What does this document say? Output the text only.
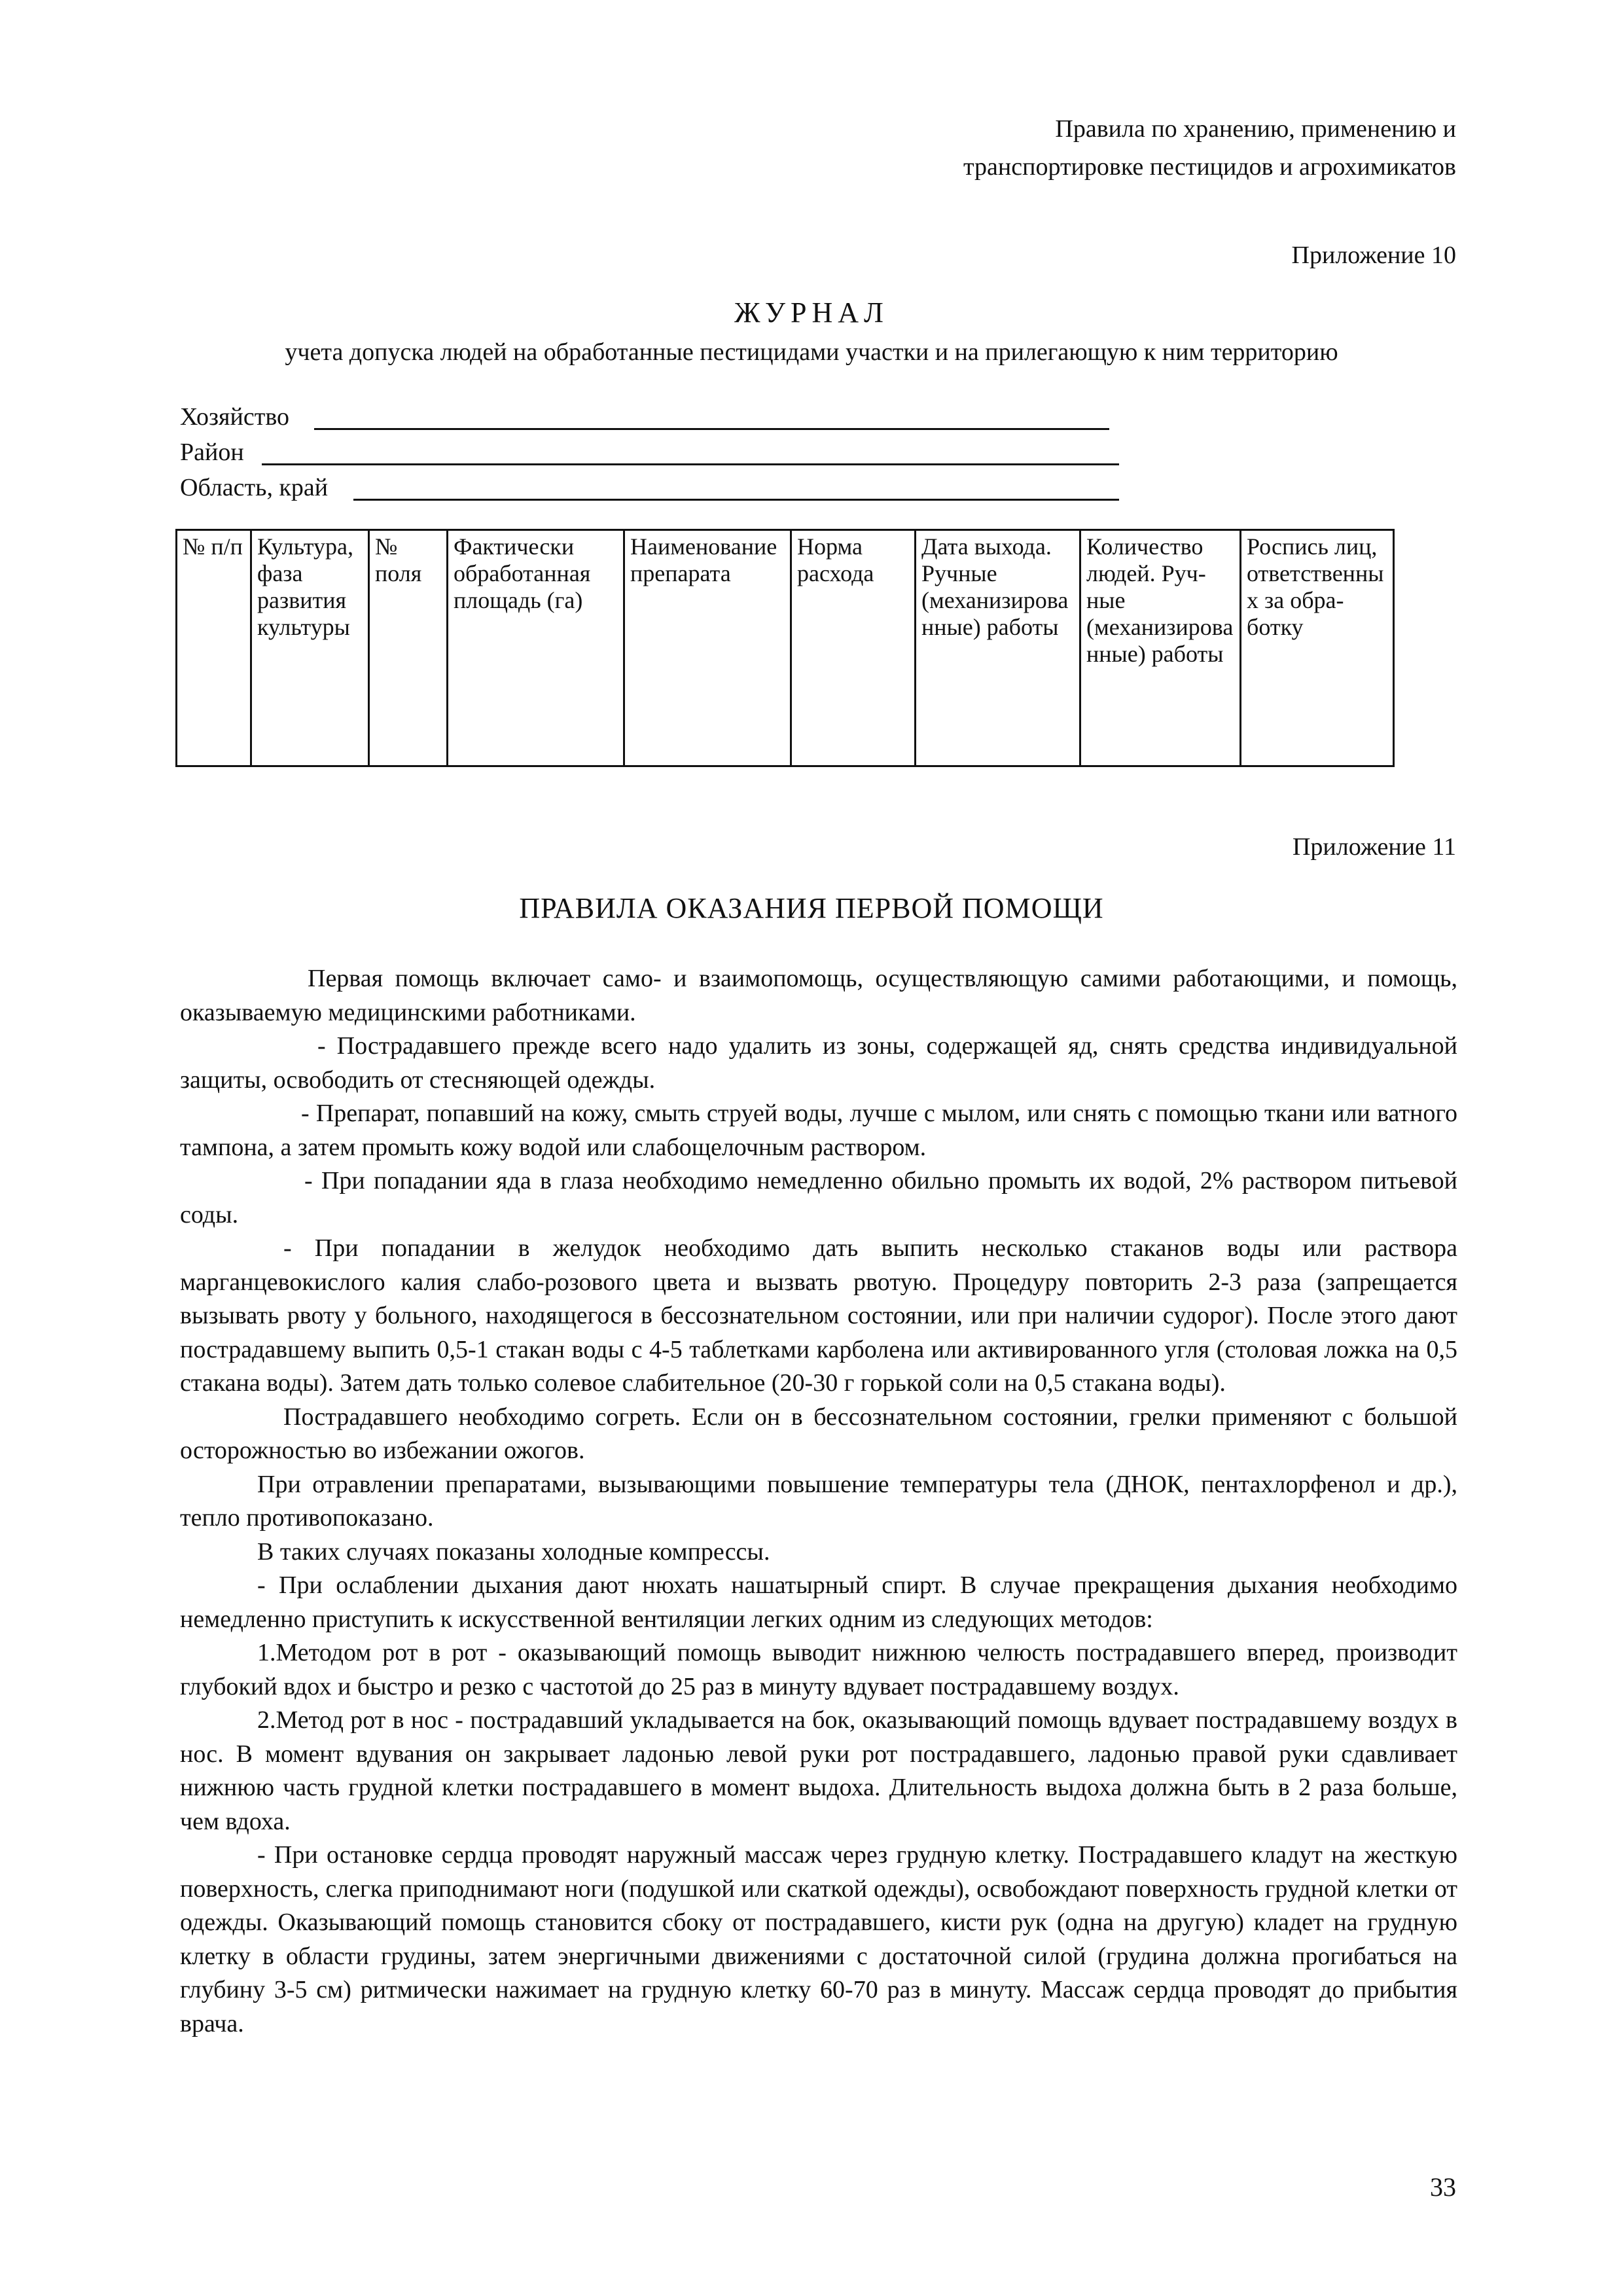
Правила по хранению, применению и
транспортировке пестицидов и агрохимикатов
Приложение 10
ЖУРНАЛ
учета допуска людей на обработанные пестицидами участки и на прилегающую к ним территорию
Хозяйство
Район
Область, край
№ п/п	Культура, фаза развития культуры	№ поля	Фактически обработанная площадь (га)	Наименование препарата	Норма расхода	Дата выхода. Ручные (механизированные) работы	Количество людей. Руч-ные (механизированные) работы	Роспись лиц, ответственных за обра-ботку
Приложение 11
ПРАВИЛА ОКАЗАНИЯ ПЕРВОЙ ПОМОЩИ

Первая помощь включает само- и взаимопомощь, осуществляющую самими работающими, и помощь, оказываемую медицинскими работниками.

- Пострадавшего прежде всего надо удалить из зоны, содержащей яд, снять средства индивидуальной защиты, освободить от стесняющей одежды.

- Препарат, попавший на кожу, смыть струей воды, лучше с мылом, или снять с помощью ткани или ватного тампона, а затем промыть кожу водой или слабощелочным раствором.

- При попадании яда в глаза необходимо немедленно обильно промыть их водой, 2% раствором питьевой соды.

- При попадании в желудок необходимо дать выпить несколько стаканов воды или раствора марганцевокислого калия слабо-розового цвета и вызвать рвотую. Процедуру повторить 2-3 раза (запрещается вызывать рвоту у больного, находящегося в бессознательном состоянии, или при наличии судорог). После этого дают пострадавшему выпить 0,5-1 стакан воды с 4-5 таблетками карболена или активированного угля (столовая ложка на 0,5 стакана воды). Затем дать только солевое слабительное (20-30 г горькой соли на 0,5 стакана воды).

Пострадавшего необходимо согреть. Если он в бессознательном состоянии, грелки применяют с большой осторожностью во избежании ожогов.

При отравлении препаратами, вызывающими повышение температуры тела (ДНОК, пентахлорфенол и др.), тепло противопоказано.

В таких случаях показаны холодные компрессы.

- При ослаблении дыхания дают нюхать нашатырный спирт. В случае прекращения дыхания необходимо немедленно приступить к искусственной вентиляции легких одним из следующих методов:

1.Методом рот в рот - оказывающий помощь выводит нижнюю челюсть пострадавшего вперед, производит глубокий вдох и быстро и резко с частотой до 25 раз в минуту вдувает пострадавшему воздух.

2.Метод рот в нос - пострадавший укладывается на бок, оказывающий помощь вдувает пострадавшему воздух в нос. В момент вдувания он закрывает ладонью левой руки рот пострадавшего, ладонью правой руки сдавливает нижнюю часть грудной клетки пострадавшего в момент выдоха. Длительность выдоха должна быть в 2 раза больше, чем вдоха.

- При остановке сердца проводят наружный массаж через грудную клетку. Пострадавшего кладут на жесткую поверхность, слегка приподнимают ноги (подушкой или скаткой одежды), освобождают поверхность грудной клетки от одежды. Оказывающий помощь становится сбоку от пострадавшего, кисти рук (одна на другую) кладет на грудную клетку в области грудины, затем энергичными движениями с достаточной силой (грудина должна прогибаться на глубину 3-5 см) ритмически нажимает на грудную клетку 60-70 раз в минуту. Массаж сердца проводят до прибытия врача.

33
